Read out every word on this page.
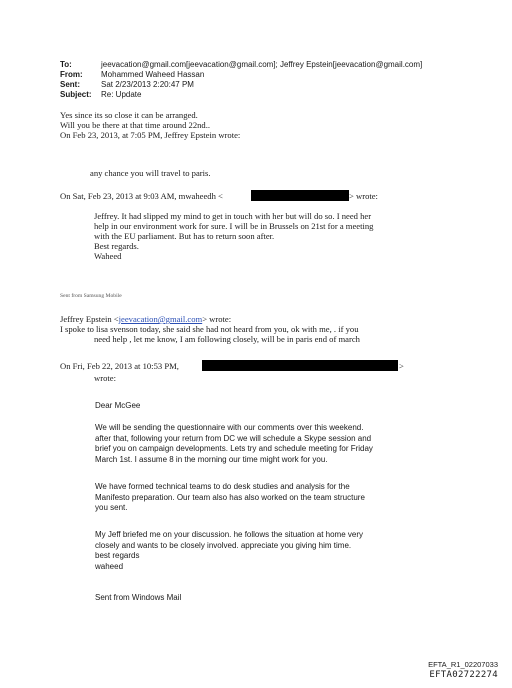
To:	jeevacation@gmail.com[jeevacation@gmail.com]; Jeffrey Epstein[jeevacation@gmail.com]
From: Mohammed Waheed Hassan
Sent:	Sat 2/23/2013 2:20:47 PM
Subject: Re: Update
Yes since its so close it can be arranged.
Will you be there at that time around 22nd..
On Feb 23, 2013, at 7:05 PM, Jeffrey Epstein wrote:
any chance you will travel to paris.
On Sat, Feb 23, 2013 at 9:03 AM, mwaheedh <	> wrote:
Jeffrey. It had slipped my mind to get in touch with her but will do so. I need her
help in our environment work for sure. I will be in Brussels on 21st for a meeting
with the EU parliament. But has to return soon after.
Best regards.
Waheed
Sent from Samsung Mobile
Jeffrey Epstein <jeevacation@gmail.com> wrote:
I spoke to lisa svenson today, she said she had not heard from you, ok with me, . if you
need help , let me know, I am following closely, will be in paris end of march
On Fri, Feb 22, 2013 at 10:53 PM,	>
wrote:
Dear McGee
We will be sending the questionnaire with our comments over this weekend.
after that, following your return from DC we will schedule a Skype session and
brief you on campaign developments. Lets try and schedule meeting for Friday
March 1st. I assume 8 in the morning our time might work for you.
We have formed technical teams to do desk studies and analysis for the
Manifesto preparation. Our team also has also worked on the team structure
you sent.
My Jeff briefed me on your discussion. he follows the situation at home very
closely and wants to be closely involved. appreciate you giving him time.
best regards
waheed
Sent from Windows Mail
EFTA_R1_02207033
EFTA02722274
